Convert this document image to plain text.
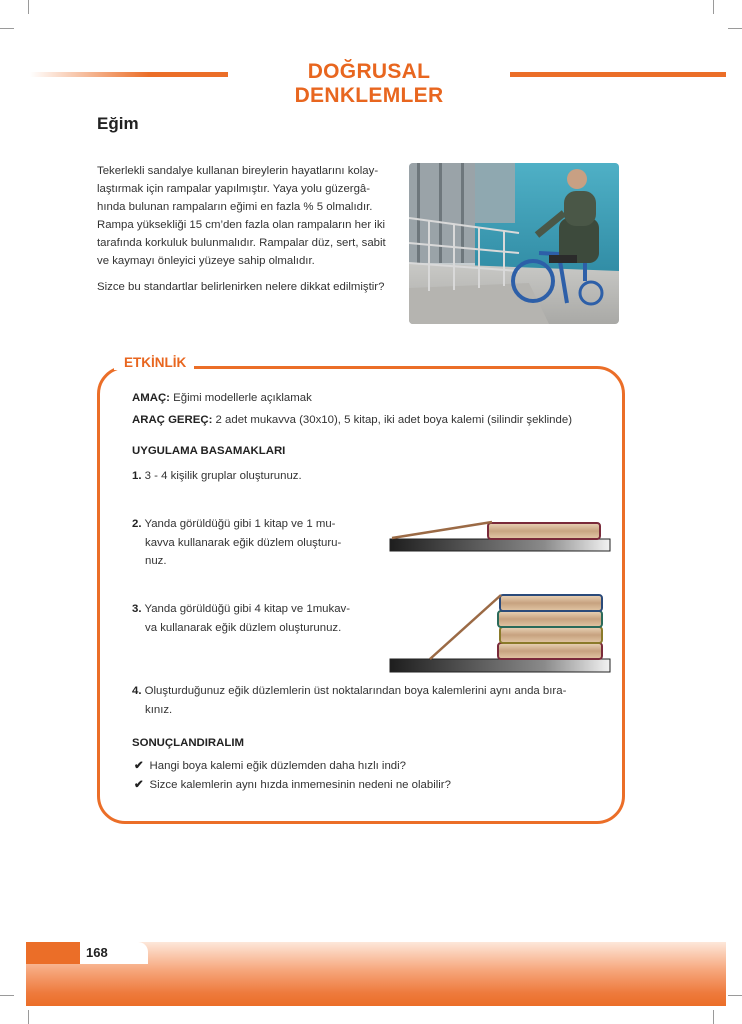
DOĞRUSAL DENKLEMLER
Eğim

Tekerlekli sandalye kullanan bireylerin hayatlarını kolay-

laştırmak için rampalar yapılmıştır. Yaya yolu güzergâ-

hında bulunan rampaların eğimi en fazla % 5 olmalıdır.

Rampa yüksekliği 15 cm’den fazla olan rampaların her iki

tarafında korkuluk bulunmalıdır. Rampalar düz, sert, sabit

ve kaymayı önleyici yüzeye sahip olmalıdır.

Sizce bu standartlar belirlenirken nelere dikkat edilmiştir?

ETKİNLİK
AMAÇ: Eğimi modellerle açıklamak
ARAÇ GEREÇ: 2 adet mukavva (30x10), 5 kitap, iki adet boya kalemi (silindir şeklinde)
UYGULAMA BASAMAKLARI
1. 3 - 4 kişilik gruplar oluşturunuz.
2. Yanda görüldüğü gibi 1 kitap ve 1 mu-
kavva kullanarak eğik düzlem oluşturu-
nuz.
3. Yanda görüldüğü gibi 4 kitap ve 1mukav-
va kullanarak eğik düzlem oluşturunuz.
4. Oluşturduğunuz eğik düzlemlerin üst noktalarından boya kalemlerini aynı anda bıra-
kınız.
SONUÇLANDIRALIM
✔ Hangi boya kalemi eğik düzlemden daha hızlı indi?
✔ Sizce kalemlerin aynı hızda inmemesinin nedeni ne olabilir?
168
